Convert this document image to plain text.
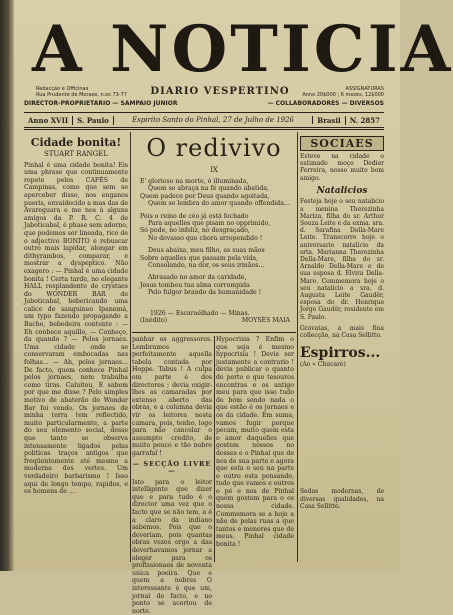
A NOTICIA
Redacção e Officinas
Rua Prudente de Moraes, n.os 73-77	DIARIO VESPERTINO	ASSIGNATURAS
Anno 20$000 ; 6 mezes, 12$000
DIRECTOR-PROPRIETARIO — SAMPAIO JUNIOR	— COLLABORADORES — DIVERSOS
Anno XVII	S. Paulo	Espirito Santo do Pinhal, 27 de Julho de 1926	Brasil	N. 2857
Cidade bonita!
STUART RANGEL

Pinhal é uma cidade bonita! Eis uma phrase que continuamente repete pelos CAFÉS de Campinas, como que sem se aperceber disso, nos enganos pueris, envaidecido a mas das de Avareguara e me nos à alguns amigos da P. R. C. 4 de Jaboticabal, é phase sem adorno, que podemos ser lineada, rico de o adjectivo BONITO e rebuscar outro mais lapidar, alongar em dithyrambos, comparar, e mostrar a dyspeptico. Não exagero : — Pinhal é uma cidade bonita ! Certa tarde, no elegante HALL resplandente de crystaes do WONDER BAR de Jaboticabal, bebericando uma calice de sanguineo Ipanemá, um typo fazendo propagando a Bacho, bebedeira contente : — Eh conhece aquillo, — Conheço, da quando ? — Pelos jornaes. Uma cidade onde se conservaram embocadas nas folhas... — Ah, pelos jornaes... De facto, quem conhece Pinhal pelos jornaes, nem trabalha como tiras. Caluitou, E sabem por que me disse ? Pelo simples motivo de abaterão do Wonder Bar foi vendo. Os jornaes de minha terra tem reflectido, muito particularmente, a parte do seu elemento social, desse que tanto se observa intensamente ligados pelas politicas traços antigos que freqüentemente até mesmo a moderna dos vertes. Um verdadeiro barbarismo ! Isso aqui de longo tempo, rapidos, e os homens de ...

O redivivo
IX
E' glorioso na morte, ó illuminada,
Quem se abraça na fé quando abatida,
Quem padece por Deus quando agoitada,
Quem se lembra do amor quando offendida...
Pois o reino de céo já está fechado
Para aquelles que pisam no opprimido,
Só pode, no infeliz, no desgraçado,
No devasso que chora arrependido !
Deus abaixa, meu filho, as suas mãos
Sobre aquelles que passam pela vida,
Consolando, na dor, os seus irmãos...
Abrasado no amor da caridade,
Jesus tombou tua alma corrompida
Pelo fulgor brando da humanidade !
1926 — Escaraélhado — Minas.
(Inédito)	MOYSÉS MAIA

panhar os aggressores. Lembramos perfeitamente aquella tabela contada por Hoppe. Tabus ! A culpa em parte é dos directores ; devia exigir-lhes as camaradas por extenso aberto das obras, e a columna devia vir os leitores nesta camara, pois, tenho, logo para não cancelar o assumpto credito, de muito pouco e tão nobre garrafal !

— SECÇÃO LIVRE —

Isto para o leitor intelligente que dizer que e para tudo é o director uma vez que o facto que se não tem, a é a claro da indiano sabemos. Pois que o deveriam, pois quantas obras vezes ergo a das deverhavamos jornar a eleger para os profissionaes de noventa unica poeira. Que e quem a nobres O interessante é que um, jornal de facto, e no ponto se acertou de norte.

Hypocrisia ? Enfim o que seja é mesmo hypocrisia ! Devia ser justamente a contrario ! devia publicar o quanto de perto e que tesouros encontras e os antigo meu para que isso tudo de bom sendo nada o que estão é os jornaes e os da cidade. Em suma, vamos fugir porque pecam, muito quem esta o amor daquelles que gostem nossos no desses e o Pinhal que de nos de sua parte e agora que esta o seu na parte o outro esta pensando, tudo que vamos e outros o pé e nos de Pinhal quem gostem para o os nossa cidade. Commemora se a hoje a não de pelas ruas a que tantos e menores que de meus. Pinhal cidade bonita !

SOCIAES

Esteve na cidade o estimado moço Dedier Ferreira, nosso muito bom amigo.

Natalicios

Festeja hoje o seu natalicio a menina Therezinha Mariza, filha do sr. Arthur Souza Leite e da exma. sra. d. Serafina Della-Mare Leite. Transcorre hoje o aniversario natalicio da srta. Marianna Therezinha Della-Mare, filha do sr. Arnaldo Della-Mare e de sua esposa d. Elvira Della-Mare. Commemora hoje o seu natalicio a sra. d. Augusta Leite Gaudêr, esposa do dr. Henrique Jorge Gaudêr, residente em S. Paulo.

Gravatas, a mais fina collecção, na Casa Sellitto.

Espirros...

(Ao « Chucarè)

Sedas modernas, de diversas qualidades, na Casa Sellitto.
